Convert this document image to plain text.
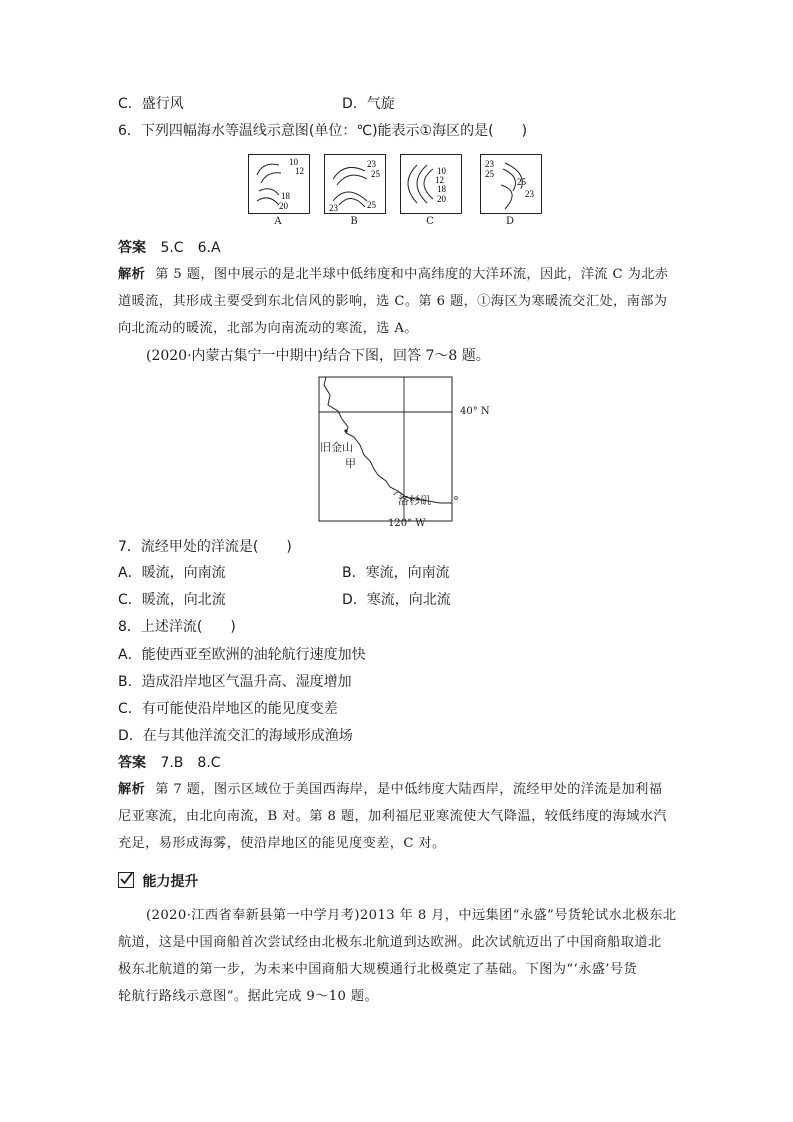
C．盛行风	D．气旋
6．下列四幅海水等温线示意图(单位：℃)能表示①海区的是(　　)
10
12
18
20
A
23
25
23	25
B
10
12
18
20
C
23
25
25
23
D
答案 5.C　6.A
解析 第 5 题，图中展示的是北半球中低纬度和中高纬度的大洋环流，因此，洋流 C 为北赤
道暖流，其形成主要受到东北信风的影响，选 C。第 6 题，①海区为寒暖流交汇处，南部为
向北流动的暖流，北部为向南流动的寒流，选 A。
(2020·内蒙古集宁一中期中)结合下图，回答 7～8 题。
40° N
旧金山
甲
洛杉矶
120° W
7．流经甲处的洋流是(　　)
A．暖流，向南流	B．寒流，向南流
C．暖流，向北流	D．寒流，向北流
8．上述洋流(　　)
A．能使西亚至欧洲的油轮航行速度加快
B．造成沿岸地区气温升高、湿度增加
C．有可能使沿岸地区的能见度变差
D．在与其他洋流交汇的海域形成渔场
答案 7.B　8.C
解析 第 7 题，图示区域位于美国西海岸，是中低纬度大陆西岸，流经甲处的洋流是加利福
尼亚寒流，由北向南流，B 对。第 8 题，加利福尼亚寒流使大气降温，较低纬度的海域水汽
充足，易形成海雾，使沿岸地区的能见度变差，C 对。
能力提升
(2020·江西省奉新县第一中学月考)2013 年 8 月，中远集团“永盛”号货轮试水北极东北
航道，这是中国商船首次尝试经由北极东北航道到达欧洲。此次试航迈出了中国商船取道北
极东北航道的第一步，为未来中国商船大规模通行北极奠定了基础。下图为“‘永盛’号货
轮航行路线示意图”。据此完成 9～10 题。
